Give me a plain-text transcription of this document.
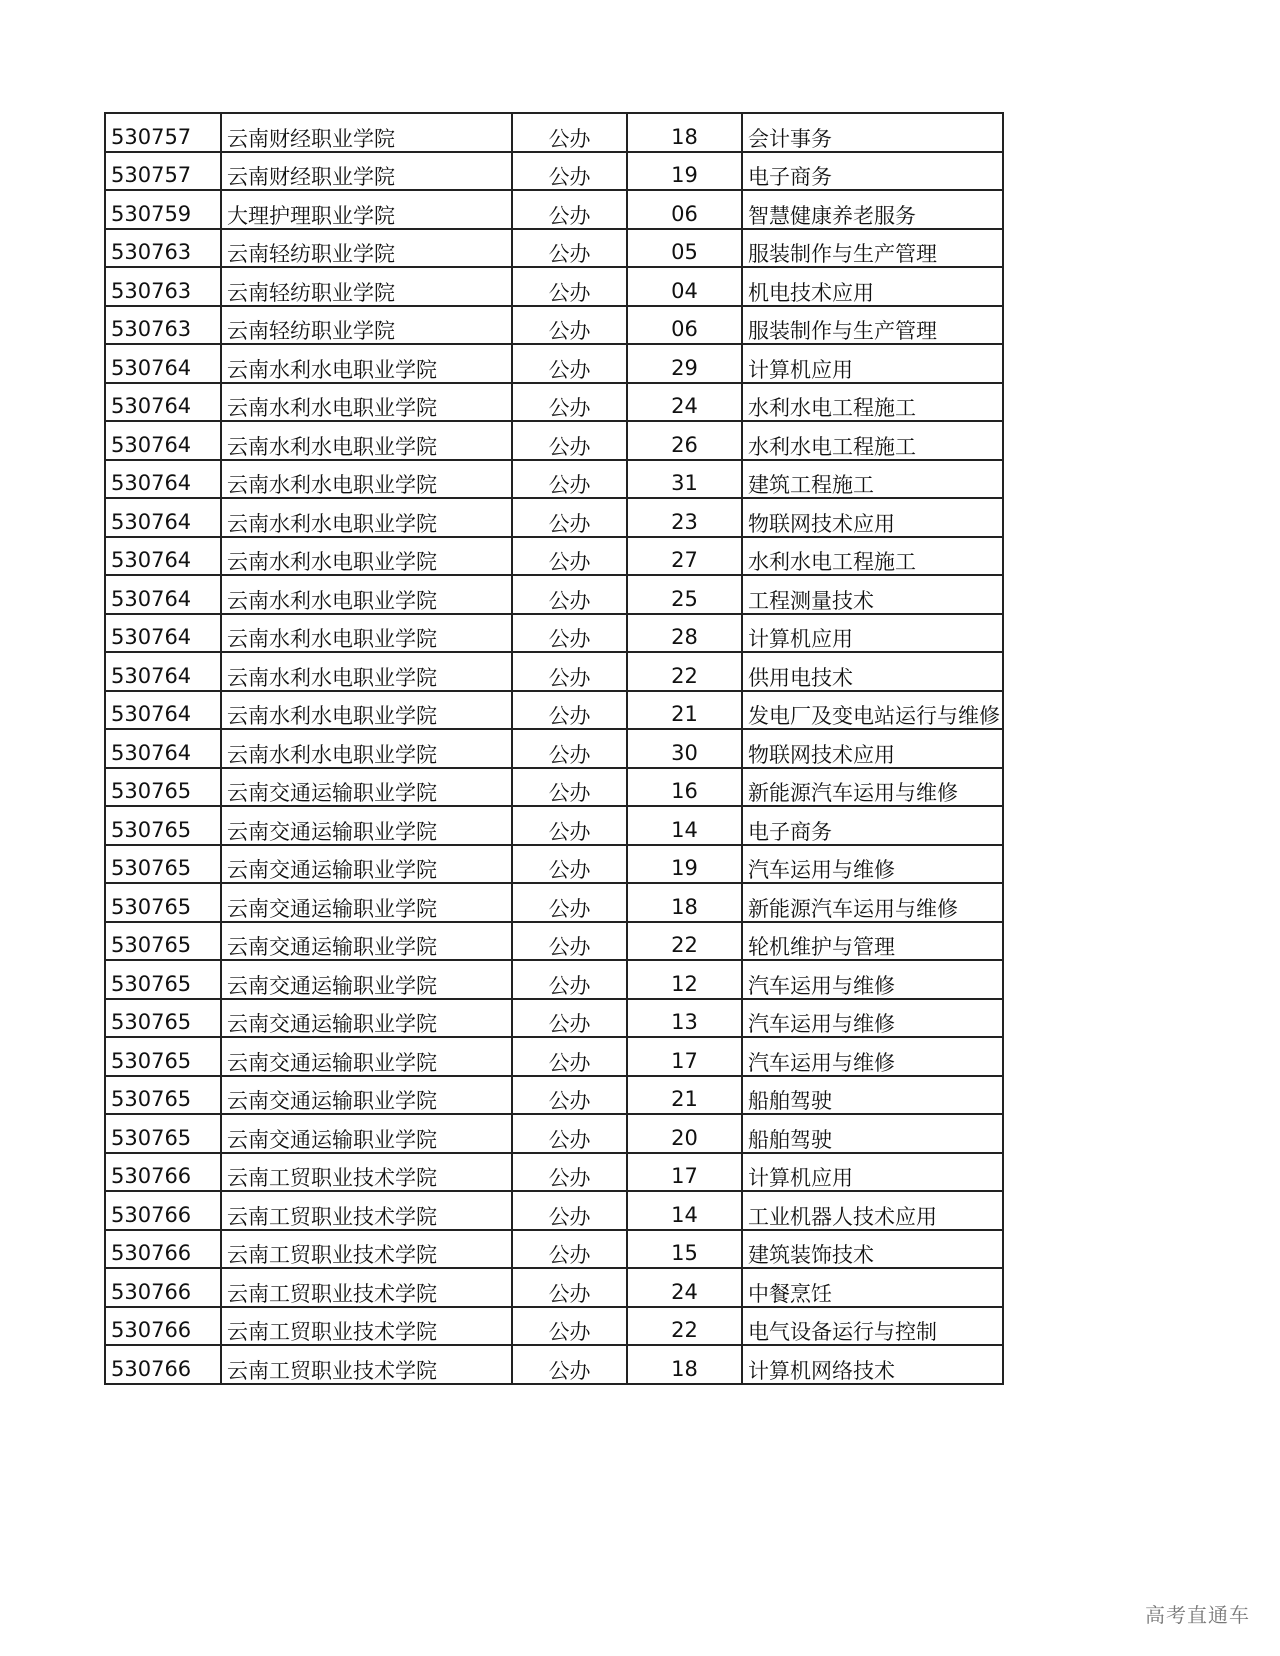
530757	云南财经职业学院	公办	18	会计事务
530757	云南财经职业学院	公办	19	电子商务
530759	大理护理职业学院	公办	06	智慧健康养老服务
530763	云南轻纺职业学院	公办	05	服装制作与生产管理
530763	云南轻纺职业学院	公办	04	机电技术应用
530763	云南轻纺职业学院	公办	06	服装制作与生产管理
530764	云南水利水电职业学院	公办	29	计算机应用
530764	云南水利水电职业学院	公办	24	水利水电工程施工
530764	云南水利水电职业学院	公办	26	水利水电工程施工
530764	云南水利水电职业学院	公办	31	建筑工程施工
530764	云南水利水电职业学院	公办	23	物联网技术应用
530764	云南水利水电职业学院	公办	27	水利水电工程施工
530764	云南水利水电职业学院	公办	25	工程测量技术
530764	云南水利水电职业学院	公办	28	计算机应用
530764	云南水利水电职业学院	公办	22	供用电技术
530764	云南水利水电职业学院	公办	21	发电厂及变电站运行与维修
530764	云南水利水电职业学院	公办	30	物联网技术应用
530765	云南交通运输职业学院	公办	16	新能源汽车运用与维修
530765	云南交通运输职业学院	公办	14	电子商务
530765	云南交通运输职业学院	公办	19	汽车运用与维修
530765	云南交通运输职业学院	公办	18	新能源汽车运用与维修
530765	云南交通运输职业学院	公办	22	轮机维护与管理
530765	云南交通运输职业学院	公办	12	汽车运用与维修
530765	云南交通运输职业学院	公办	13	汽车运用与维修
530765	云南交通运输职业学院	公办	17	汽车运用与维修
530765	云南交通运输职业学院	公办	21	船舶驾驶
530765	云南交通运输职业学院	公办	20	船舶驾驶
530766	云南工贸职业技术学院	公办	17	计算机应用
530766	云南工贸职业技术学院	公办	14	工业机器人技术应用
530766	云南工贸职业技术学院	公办	15	建筑装饰技术
530766	云南工贸职业技术学院	公办	24	中餐烹饪
530766	云南工贸职业技术学院	公办	22	电气设备运行与控制
530766	云南工贸职业技术学院	公办	18	计算机网络技术
高考直通车
